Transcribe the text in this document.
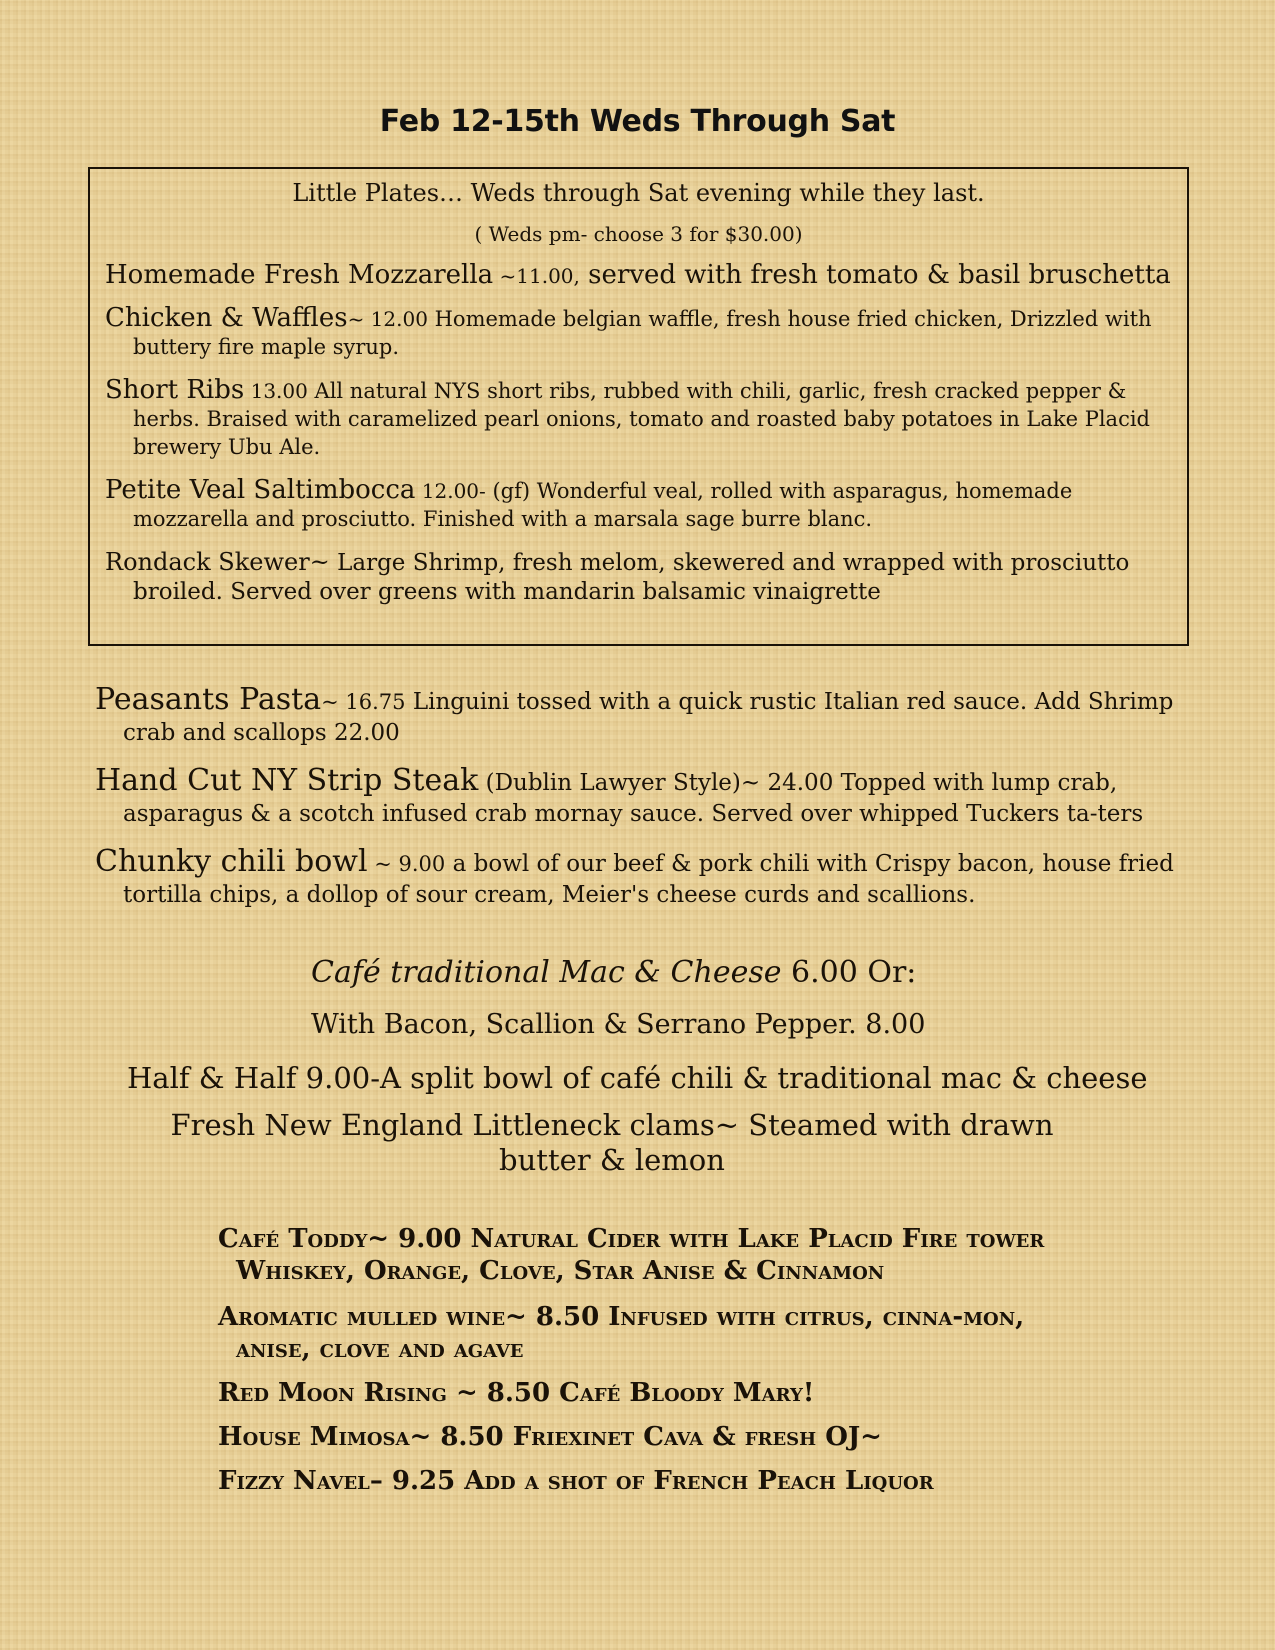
Feb 12-15th Weds Through Sat
Little Plates… Weds through Sat evening while they last.
( Weds pm- choose 3 for $30.00)
Homemade Fresh Mozzarella ~11.00, served with fresh tomato & basil bruschetta
Chicken & Waffles~ 12.00 Homemade belgian waffle, fresh house fried chicken, Drizzled with buttery fire maple syrup.
Short Ribs 13.00 All natural NYS short ribs, rubbed with chili, garlic, fresh cracked pepper & herbs. Braised with caramelized pearl onions, tomato and roasted baby potatoes in Lake Placid brewery Ubu Ale.
Petite Veal Saltimbocca 12.00- (gf) Wonderful veal, rolled with asparagus, homemade mozzarella and prosciutto. Finished with a marsala sage burre blanc.
Rondack Skewer~ Large Shrimp, fresh melom, skewered and wrapped with prosciutto broiled. Served over greens with mandarin balsamic vinaigrette
Peasants Pasta~ 16.75 Linguini tossed with a quick rustic Italian red sauce. Add Shrimp crab and scallops 22.00
Hand Cut NY Strip Steak (Dublin Lawyer Style)~ 24.00 Topped with lump crab, asparagus & a scotch infused crab mornay sauce. Served over whipped Tuckers ta-ters
Chunky chili bowl ~ 9.00 a bowl of our beef & pork chili with Crispy bacon, house fried tortilla chips, a dollop of sour cream, Meier's cheese curds and scallions.
Café traditional Mac & Cheese 6.00 Or:
With Bacon, Scallion & Serrano Pepper. 8.00
Half & Half 9.00-A split bowl of café chili & traditional mac & cheese
Fresh New England Littleneck clams~ Steamed with drawn butter & lemon
Café Toddy~ 9.00 Natural Cider with Lake Placid Fire tower Whiskey, Orange, Clove, Star Anise & Cinnamon
Aromatic mulled wine~ 8.50 Infused with citrus, cinna-mon, anise, clove and agave
Red Moon Rising ~ 8.50 Café Bloody Mary!
House Mimosa~ 8.50 Friexinet Cava & fresh OJ~
Fizzy Navel– 9.25 Add a shot of French Peach Liquor
